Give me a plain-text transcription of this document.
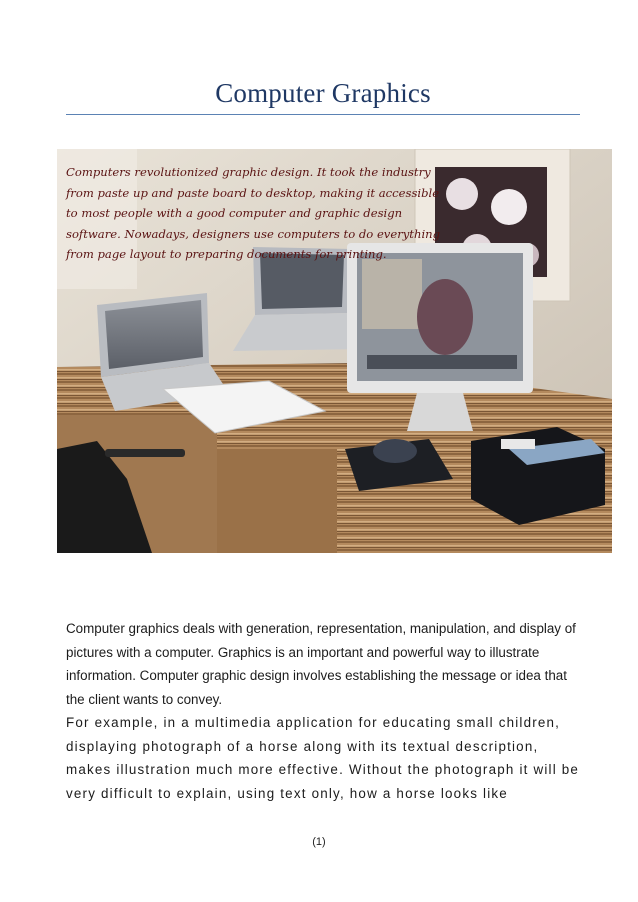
Computer Graphics

Computers revolutionized graphic design. It took the industry from paste up and paste board to desktop, making it accessible to most people with a good computer and graphic design software. Nowadays, designers use computers to do everything from page layout to preparing documents for printing.

Computer graphics deals with generation, representation, manipulation, and display of pictures with a computer. Graphics is an important and powerful way to illustrate information. Computer graphic design involves establishing the message or idea that the client wants to convey.

For example, in a multimedia application for educating small children, displaying photograph of a horse along with its textual description, makes illustration much more effective. Without the photograph it will be very difficult to explain, using text only, how a horse looks like

(1)
